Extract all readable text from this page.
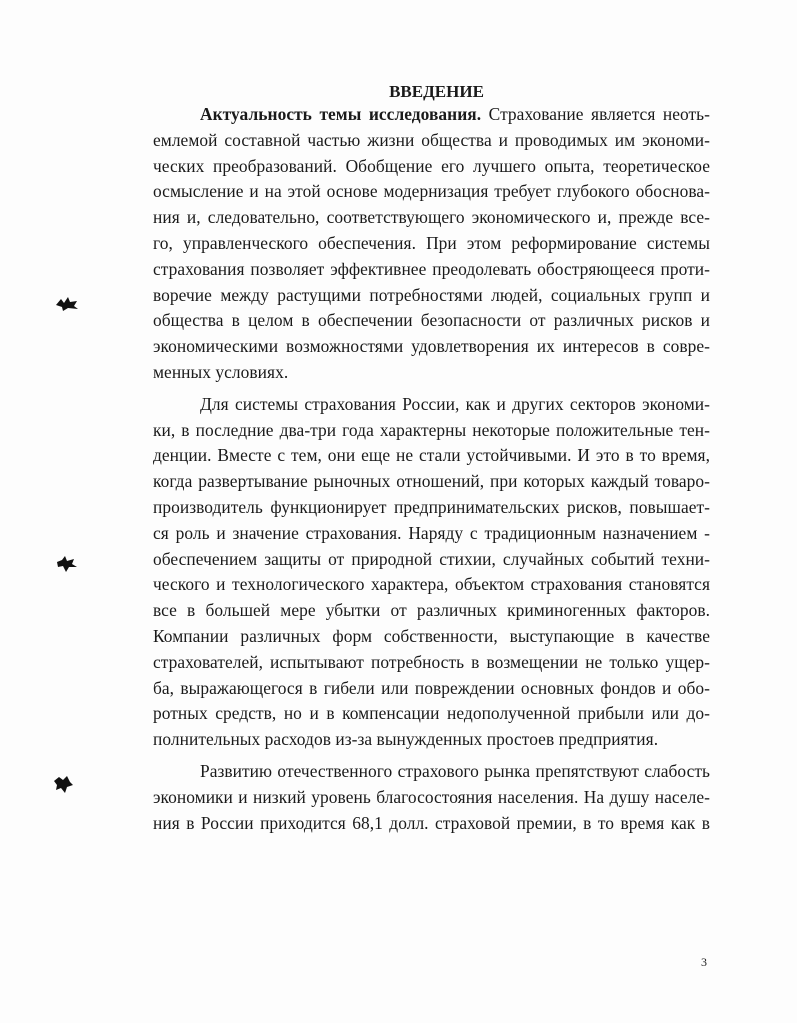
ВВЕДЕНИЕ
Актуальность темы исследования. Страхование является неоть-
емлемой составной частью жизни общества и проводимых им экономи-
ческих преобразований. Обобщение его лучшего опыта, теоретическое
осмысление и на этой основе модернизация требует глубокого обоснова-
ния и, следовательно, соответствующего экономического и, прежде все-
го, управленческого обеспечения. При этом реформирование системы
страхования позволяет эффективнее преодолевать обостряющееся проти-
воречие между растущими потребностями людей, социальных групп и
общества в целом в обеспечении безопасности от различных рисков и
экономическими возможностями удовлетворения их интересов в совре-
менных условиях.
Для системы страхования России, как и других секторов экономи-
ки, в последние два-три года характерны некоторые положительные тен-
денции. Вместе с тем, они еще не стали устойчивыми. И это в то время,
когда развертывание рыночных отношений, при которых каждый товаро-
производитель функционирует предпринимательских рисков, повышает-
ся роль и значение страхования. Наряду с традиционным назначением -
обеспечением защиты от природной стихии, случайных событий техни-
ческого и технологического характера, объектом страхования становятся
все в большей мере убытки от различных криминогенных факторов.
Компании различных форм собственности, выступающие в качестве
страхователей, испытывают потребность в возмещении не только ущер-
ба, выражающегося в гибели или повреждении основных фондов и обо-
ротных средств, но и в компенсации недополученной прибыли или до-
полнительных расходов из-за вынужденных простоев предприятия.
Развитию отечественного страхового рынка препятствуют слабость
экономики и низкий уровень благосостояния населения. На душу населе-
ния в России приходится 68,1 долл. страховой премии, в то время как в
3
